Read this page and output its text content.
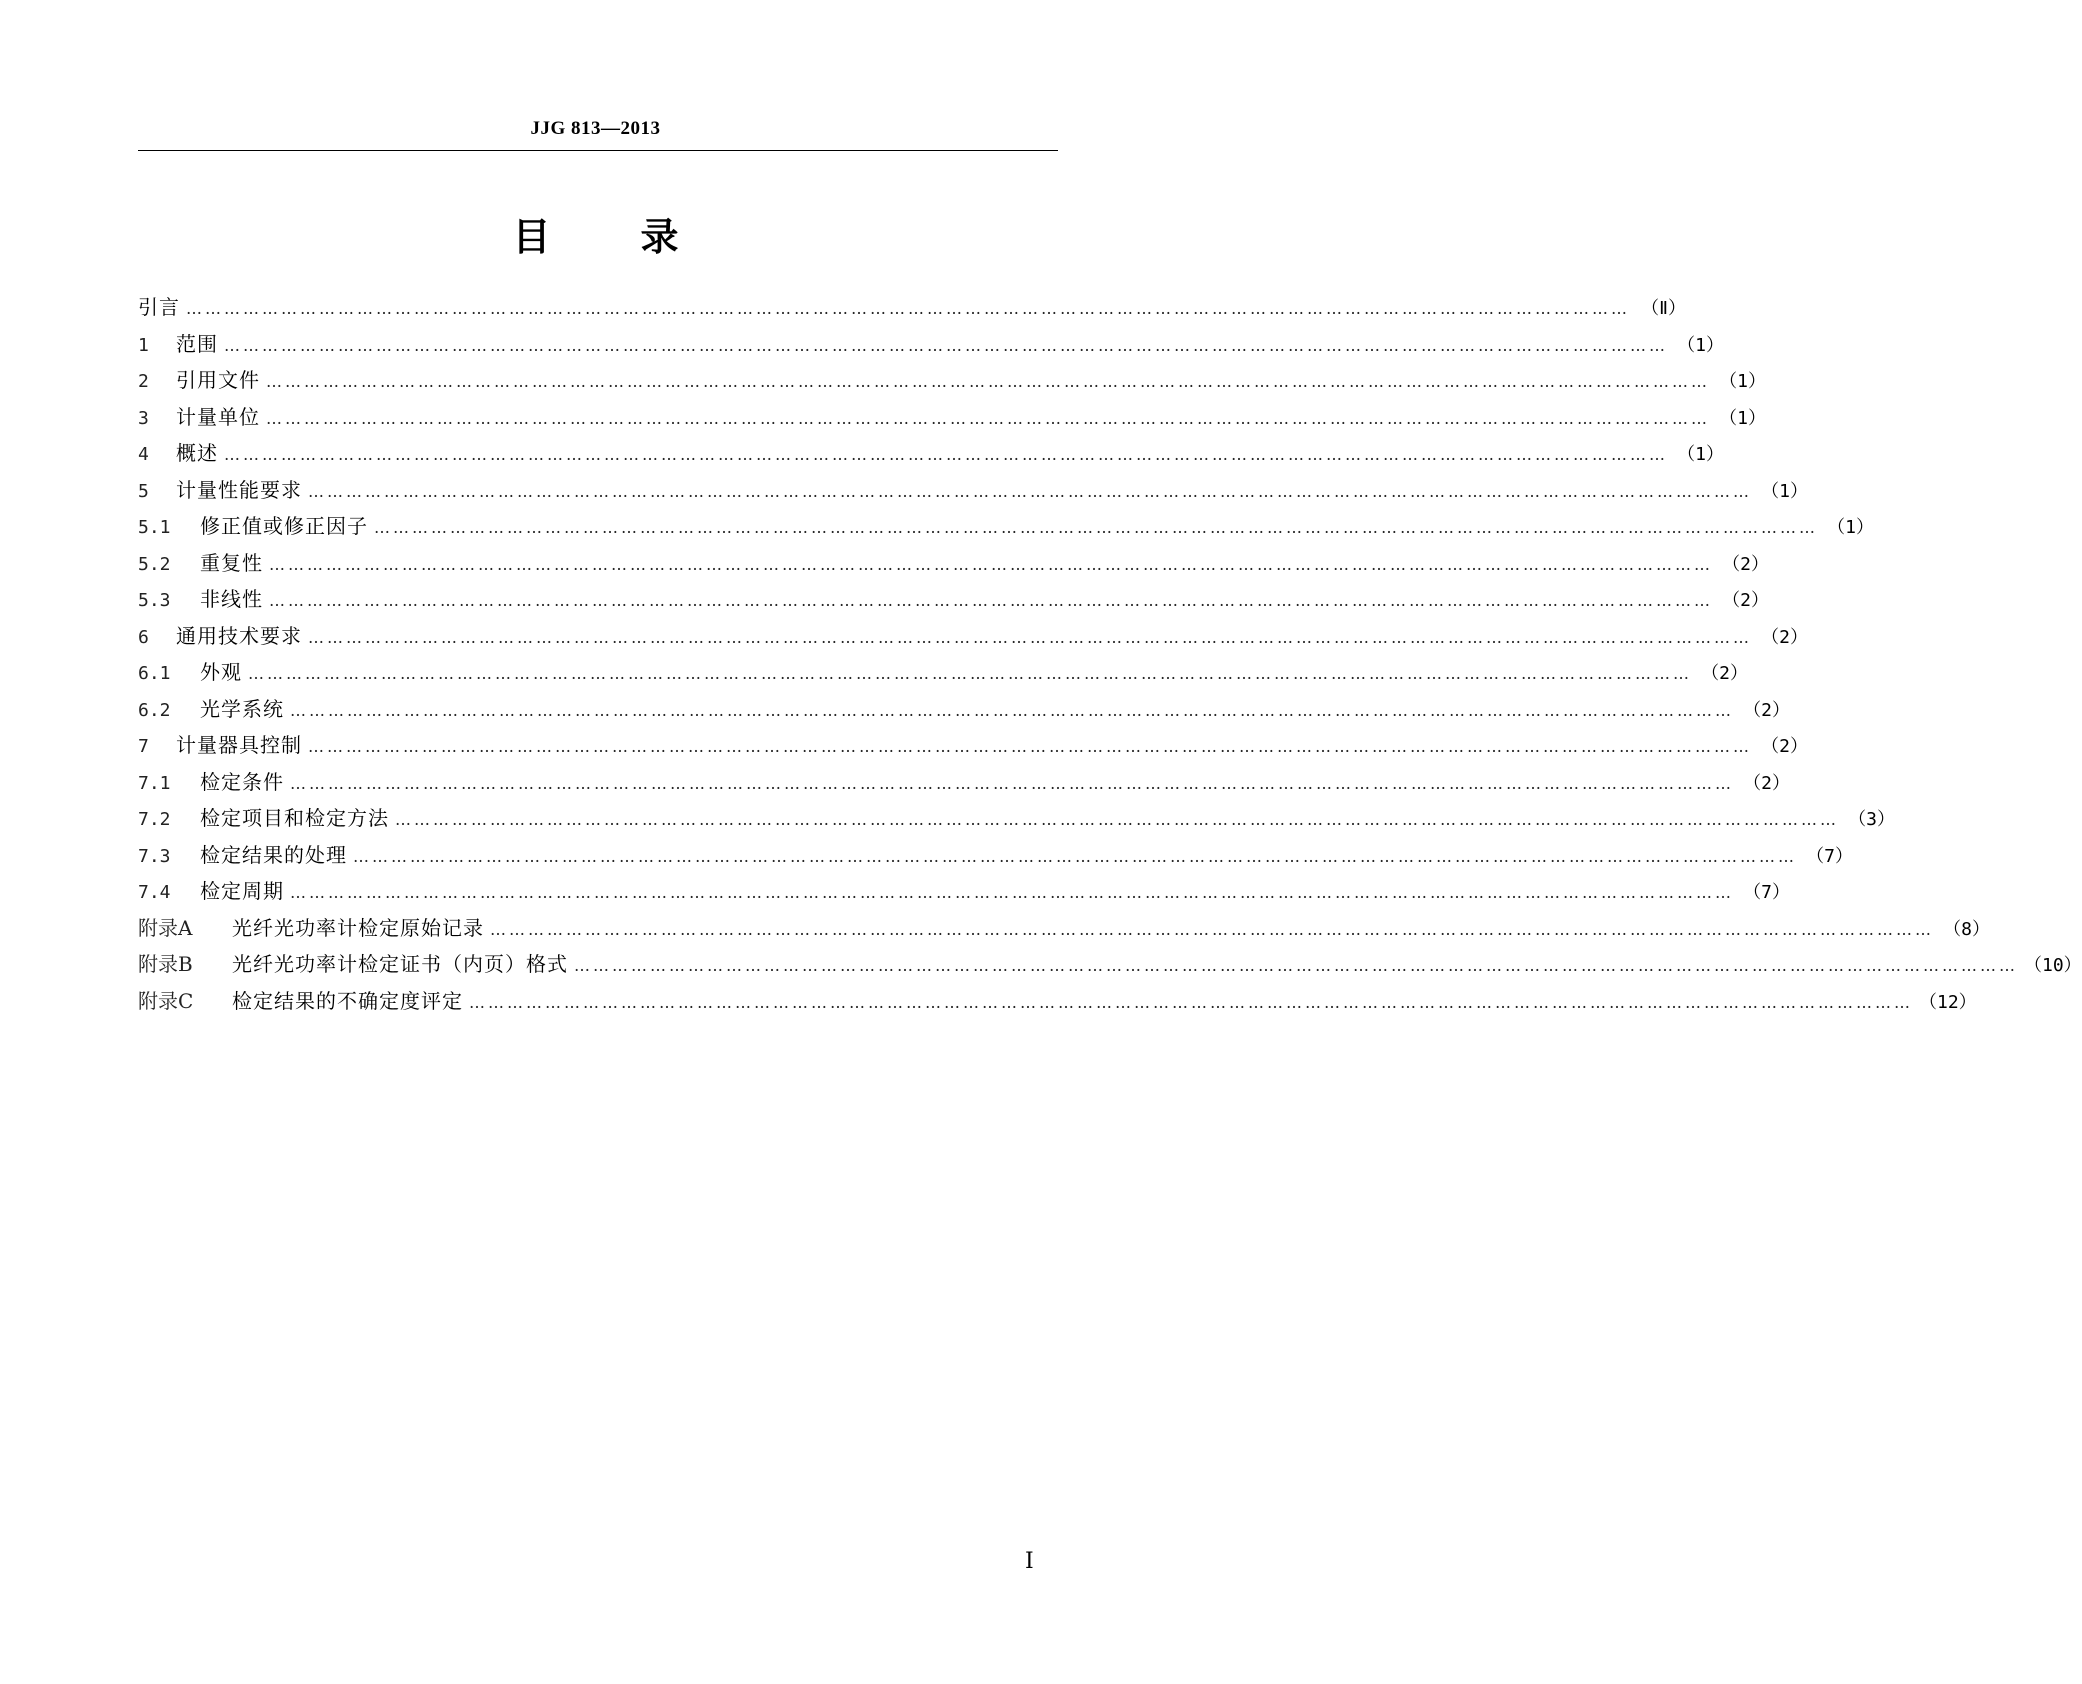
JJG 813—2013
目 录
引言 …………………………………………………………………………………………………………………………………………………………………………………………………………	（Ⅱ）
1	范围 …………………………………………………………………………………………………………………………………………………………………………………………………………	（1）
2	引用文件 …………………………………………………………………………………………………………………………………………………………………………………………………………	（1）
3	计量单位 …………………………………………………………………………………………………………………………………………………………………………………………………………	（1）
4	概述 …………………………………………………………………………………………………………………………………………………………………………………………………………	（1）
5	计量性能要求 …………………………………………………………………………………………………………………………………………………………………………………………………………	（1）
5.1	修正值或修正因子 …………………………………………………………………………………………………………………………………………………………………………………………………………	（1）
5.2	重复性 …………………………………………………………………………………………………………………………………………………………………………………………………………	（2）
5.3	非线性 …………………………………………………………………………………………………………………………………………………………………………………………………………	（2）
6	通用技术要求 …………………………………………………………………………………………………………………………………………………………………………………………………………	（2）
6.1	外观 …………………………………………………………………………………………………………………………………………………………………………………………………………	（2）
6.2	光学系统 …………………………………………………………………………………………………………………………………………………………………………………………………………	（2）
7	计量器具控制 …………………………………………………………………………………………………………………………………………………………………………………………………………	（2）
7.1	检定条件 …………………………………………………………………………………………………………………………………………………………………………………………………………	（2）
7.2	检定项目和检定方法 …………………………………………………………………………………………………………………………………………………………………………………………………………	（3）
7.3	检定结果的处理 …………………………………………………………………………………………………………………………………………………………………………………………………………	（7）
7.4	检定周期 …………………………………………………………………………………………………………………………………………………………………………………………………………	（7）
附录A	光纤光功率计检定原始记录 …………………………………………………………………………………………………………………………………………………………………………………………………………	（8）
附录B	光纤光功率计检定证书（内页）格式 …………………………………………………………………………………………………………………………………………………………………………………………………………	（10）
附录C	检定结果的不确定度评定 …………………………………………………………………………………………………………………………………………………………………………………………………………	（12）
Ⅰ
